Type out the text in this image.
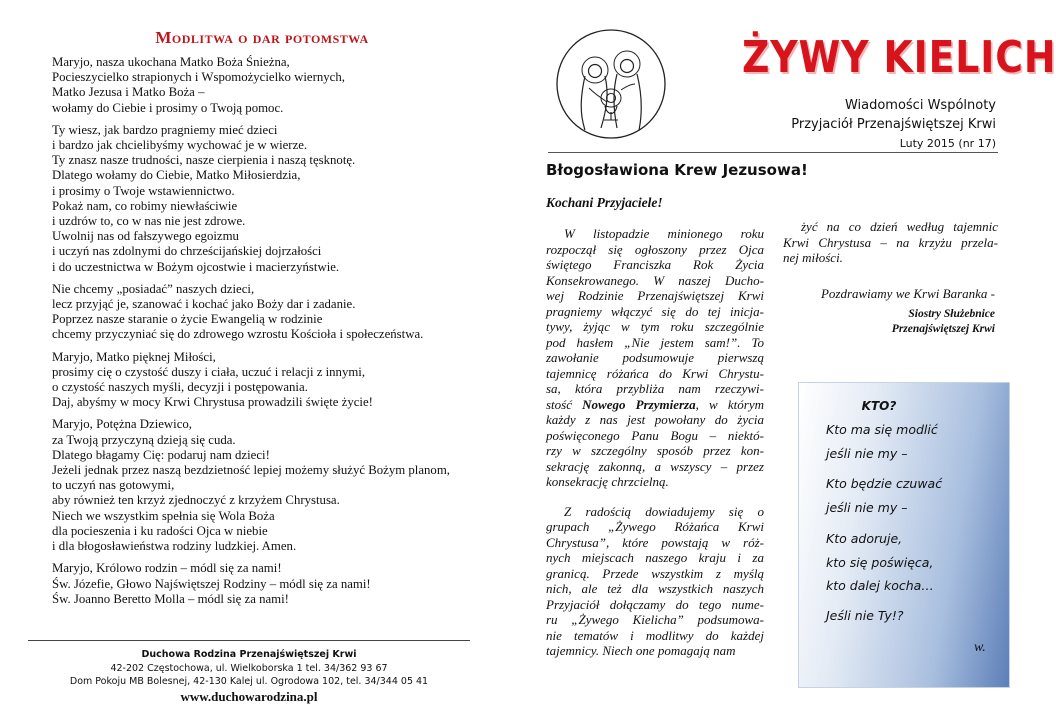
Modlitwa o dar potomstwa
Maryjo, nasza ukochana Matko Boża Śnieżna,
Pocieszycielko strapionych i Wspomożycielko wiernych,
Matko Jezusa i Matko Boża –
wołamy do Ciebie i prosimy o Twoją pomoc.
Ty wiesz, jak bardzo pragniemy mieć dzieci
i bardzo jak chcielibyśmy wychować je w wierze.
Ty znasz nasze trudności, nasze cierpienia i naszą tęsknotę.
Dlatego wołamy do Ciebie, Matko Miłosierdzia,
i prosimy o Twoje wstawiennictwo.
Pokaż nam, co robimy niewłaściwie
i uzdrów to, co w nas nie jest zdrowe.
Uwolnij nas od fałszywego egoizmu
i uczyń nas zdolnymi do chrześcijańskiej dojrzałości
i do uczestnictwa w Bożym ojcostwie i macierzyństwie.
Nie chcemy „posiadać” naszych dzieci,
lecz przyjąć je, szanować i kochać jako Boży dar i zadanie.
Poprzez nasze staranie o życie Ewangelią w rodzinie
chcemy przyczyniać się do zdrowego wzrostu Kościoła i społeczeństwa.
Maryjo, Matko pięknej Miłości,
prosimy cię o czystość duszy i ciała, uczuć i relacji z innymi,
o czystość naszych myśli, decyzji i postępowania.
Daj, abyśmy w mocy Krwi Chrystusa prowadzili święte życie!
Maryjo, Potężna Dziewico,
za Twoją przyczyną dzieją się cuda.
Dlatego błagamy Cię: podaruj nam dzieci!
Jeżeli jednak przez naszą bezdzietność lepiej możemy służyć Bożym planom,
to uczyń nas gotowymi,
aby również ten krzyż zjednoczyć z krzyżem Chrystusa.
Niech we wszystkim spełnia się Wola Boża
dla pocieszenia i ku radości Ojca w niebie
i dla błogosławieństwa rodziny ludzkiej. Amen.
Maryjo, Królowo rodzin – módl się za nami!
Św. Józefie, Głowo Najświętszej Rodziny – módl się za nami!
Św. Joanno Beretto Molla – módl się za nami!
Duchowa Rodzina Przenajświętszej Krwi
42-202 Częstochowa, ul. Wielkoborska 1 tel. 34/362 93 67
Dom Pokoju MB Bolesnej, 42-130 Kalej ul. Ogrodowa 102, tel. 34/344 05 41
www.duchowarodzina.pl
ŻYWY KIELICH
Wiadomości Wspólnoty
Przyjaciół Przenajświętszej Krwi
Luty 2015 (nr 17)
Błogosławiona Krew Jezusowa!
Kochani Przyjaciele!
W listopadzie minionego roku
rozpoczął się ogłoszony przez Ojca
świętego Franciszka Rok Życia
Konsekrowanego. W naszej Ducho-
wej Rodzinie Przenajświętszej Krwi
pragniemy włączyć się do tej inicja-
tywy, żyjąc w tym roku szczególnie
pod hasłem „Nie jestem sam!”. To
zawołanie podsumowuje pierwszą
tajemnicę różańca do Krwi Chrystu-
sa, która przybliża nam rzeczywi-
stość Nowego Przymierza, w którym
każdy z nas jest powołany do życia
poświęconego Panu Bogu – niektó-
rzy w szczególny sposób przez kon-
sekrację zakonną, a wszyscy – przez
konsekrację chrzcielną.

Z radością dowiadujemy się o
grupach „Żywego Różańca Krwi
Chrystusa”, które powstają w róż-
nych miejscach naszego kraju i za
granicą. Przede wszystkim z myślą
nich, ale też dla wszystkich naszych
Przyjaciół dołączamy do tego nume-
ru „Żywego Kielicha” podsumowa-
nie tematów i modlitwy do każdej
tajemnicy. Niech one pomagają nam
żyć na co dzień według tajemnic
Krwi Chrystusa – na krzyżu przela-
nej miłości.
Pozdrawiamy we Krwi Baranka -
Siostry Służebnice
Przenajświętszej Krwi
KTO?
Kto ma się modlić
jeśli nie my –
Kto będzie czuwać
jeśli nie my –
Kto adoruje,
kto się poświęca,
kto dalej kocha…
Jeśli nie Ty!?
w.
